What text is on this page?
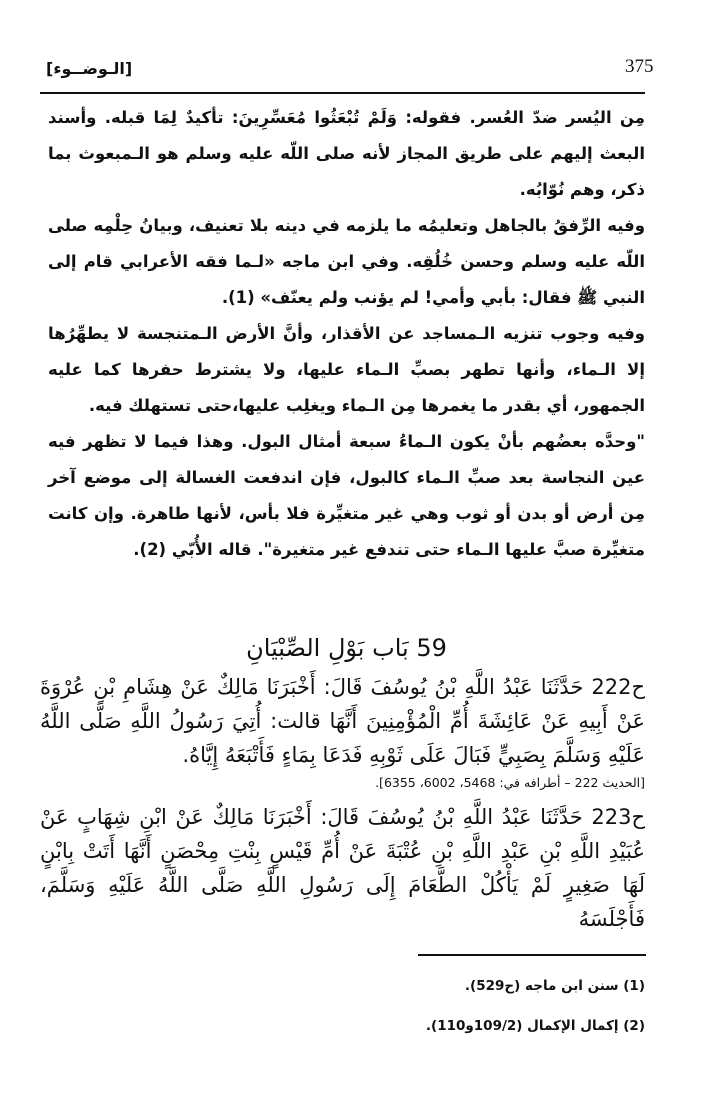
375
[الـوضــوء]

مِن اليُسر ضدّ العُسر. فقوله: وَلَمْ تُبْعَثُوا مُعَسِّرِينَ: تأكيدٌ لِمَا قبله. وأسند البعث إليهم على طريق المجاز لأنه صلى اللّه عليه وسلم هو الـمبعوث بما ذكر، وهم نُوّابُه.

وفيه الرِّفقُ بالجاهل وتعليمُه ما يلزمه في دينه بلا تعنيف، وبيانُ حِلْمِه صلى اللّه عليه وسلم وحسن خُلُقِه. وفي ابن ماجه «لـما فقه الأعرابي قام إلى النبي ﷺ فقال: بأبي وأمي! لم يؤنب ولم يعنّف» (1).

وفيه وجوب تنزيه الـمساجد عن الأقذار، وأنَّ الأرض الـمتنجسة لا يطهِّرُها إلا الـماء، وأنها تطهر بصبِّ الـماء عليها، ولا يشترط حفرها كما عليه الجمهور، أي بقدر ما يغمرها مِن الـماء ويغلِب عليها،حتى تستهلك فيه.

"وحدَّه بعضُهم بأنْ يكون الـماءُ سبعة أمثال البول. وهذا فيما لا تظهر فيه عين النجاسة بعد صبِّ الـماء كالبول، فإن اندفعت الغسالة إلى موضع آخر مِن أرض أو بدن أو ثوب وهي غير متغيِّرة فلا بأس، لأنها طاهرة. وإن كانت متغيِّرة صبَّ عليها الـماء حتى تندفع غير متغيرة". قاله الأُبّي (2).

59 بَاب بَوْلِ الصِّبْيَانِ
ح222 حَدَّثَنَا عَبْدُ اللَّهِ بْنُ يُوسُفَ قَالَ: أَخْبَرَنَا مَالِكٌ عَنْ هِشَامِ بْنِ عُرْوَةَ عَنْ أَبِيهِ عَنْ عَائِشَةَ أُمِّ الْمُؤْمِنِينَ أَنَّهَا قالت: أُتِيَ رَسُولُ اللَّهِ صَلَّى اللَّهُ عَلَيْهِ وَسَلَّمَ بِصَبِيٍّ فَبَالَ عَلَى ثَوْبِهِ فَدَعَا بِمَاءٍ فَأَتْبَعَهُ إِيَّاهُ.
[الحديث 222 – أطرافه في: 5468، 6002، 6355].
ح223 حَدَّثَنَا عَبْدُ اللَّهِ بْنُ يُوسُفَ قَالَ: أَخْبَرَنَا مَالِكٌ عَنْ ابْنِ شِهَابٍ عَنْ عُبَيْدِ اللَّهِ بْنِ عَبْدِ اللَّهِ بْنِ عُتْبَةَ عَنْ أُمِّ قَيْسٍ بِنْتِ مِحْصَنٍ أَنَّهَا أَتَتْ بِابْنٍ لَهَا صَغِيرٍ لَمْ يَأْكُلْ الطَّعَامَ إِلَى رَسُولِ اللَّهِ صَلَّى اللَّهُ عَلَيْهِ وَسَلَّمَ، فَأَجْلَسَهُ
(1) سنن ابن ماجه (ح529).
(2) إكمال الإكمال (109/2و110).
